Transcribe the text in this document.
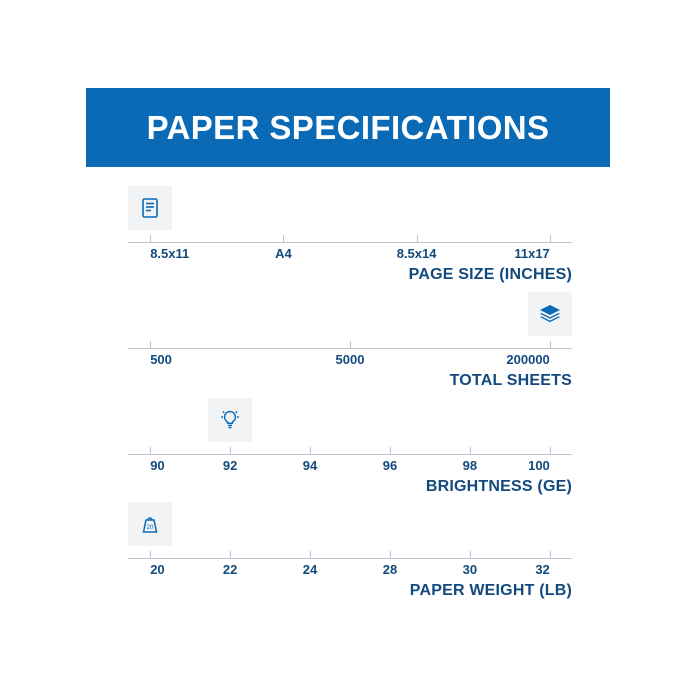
PAPER SPECIFICATIONS
PAGE SIZE (INCHES)
8.5x11	A4	8.5x14	11x17
TOTAL SHEETS
500	5000	200000
BRIGHTNESS (GE)
90	92	94	96	98	100
20
PAPER WEIGHT (LB)
20	22	24	28	30	32
